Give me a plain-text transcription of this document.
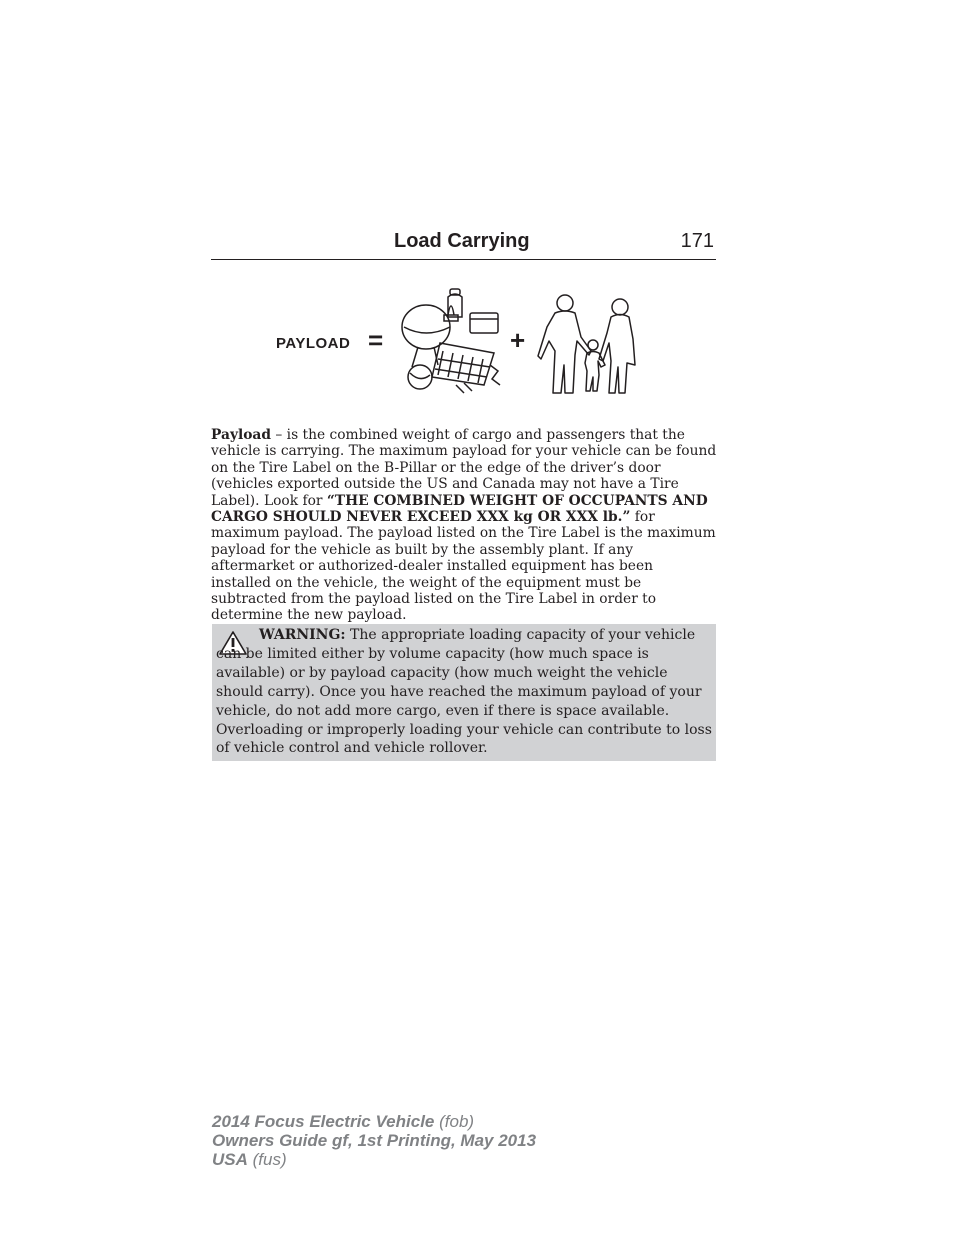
Load Carrying	171
PAYLOAD =	+

Payload – is the combined weight of cargo and passengers that the vehicle is carrying. The maximum payload for your vehicle can be found on the Tire Label on the B-Pillar or the edge of the driver’s door (vehicles exported outside the US and Canada may not have a Tire Label). Look for “THE COMBINED WEIGHT OF OCCUPANTS AND CARGO SHOULD NEVER EXCEED XXX kg OR XXX lb.” for maximum payload. The payload listed on the Tire Label is the maximum payload for the vehicle as built by the assembly plant. If any aftermarket or authorized-dealer installed equipment has been installed on the vehicle, the weight of the equipment must be subtracted from the payload listed on the Tire Label in order to determine the new payload.

WARNING: The appropriate loading capacity of your vehicle can be limited either by volume capacity (how much space is available) or by payload capacity (how much weight the vehicle should carry). Once you have reached the maximum payload of your vehicle, do not add more cargo, even if there is space available. Overloading or improperly loading your vehicle can contribute to loss of vehicle control and vehicle rollover.

2014 Focus Electric Vehicle (fob)
Owners Guide gf, 1st Printing, May 2013
USA (fus)
